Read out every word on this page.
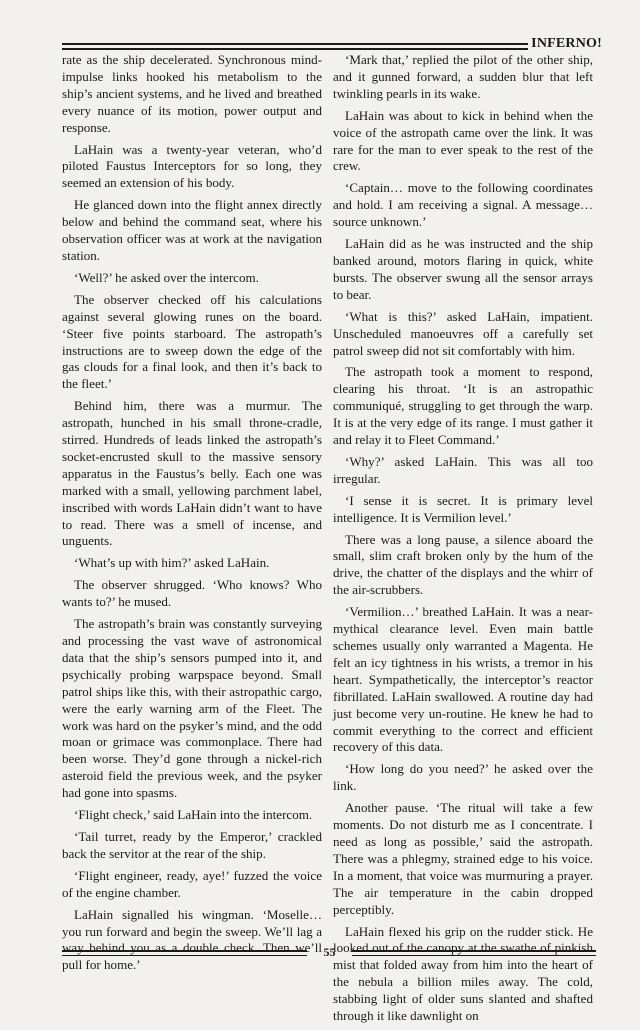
INFERNO!

rate as the ship decelerated. Synchronous mind-impulse links hooked his metabolism to the ship’s ancient systems, and he lived and breathed every nuance of its motion, power output and response.

LaHain was a twenty-year veteran, who’d piloted Faustus Interceptors for so long, they seemed an extension of his body.

He glanced down into the flight annex directly below and behind the command seat, where his observation officer was at work at the navigation station.

‘Well?’ he asked over the intercom.

The observer checked off his calculations against several glowing runes on the board. ‘Steer five points starboard. The astropath’s instructions are to sweep down the edge of the gas clouds for a final look, and then it’s back to the fleet.’

Behind him, there was a murmur. The astropath, hunched in his small throne-cradle, stirred. Hundreds of leads linked the astropath’s socket-encrusted skull to the massive sensory apparatus in the Faustus’s belly. Each one was marked with a small, yellowing parchment label, inscribed with words LaHain didn’t want to have to read. There was a smell of incense, and unguents.

‘What’s up with him?’ asked LaHain.

The observer shrugged. ‘Who knows? Who wants to?’ he mused.

The astropath’s brain was constantly surveying and processing the vast wave of astronomical data that the ship’s sensors pumped into it, and psychically probing warpspace beyond. Small patrol ships like this, with their astropathic cargo, were the early warning arm of the Fleet. The work was hard on the psyker’s mind, and the odd moan or grimace was commonplace. There had been worse. They’d gone through a nickel-rich asteroid field the previous week, and the psyker had gone into spasms.

‘Flight check,’ said LaHain into the intercom.

‘Tail turret, ready by the Emperor,’ crackled back the servitor at the rear of the ship.

‘Flight engineer, ready, aye!’ fuzzed the voice of the engine chamber.

LaHain signalled his wingman. ‘Moselle… you run forward and begin the sweep. We’ll lag a way behind you as a double check. Then we’ll pull for home.’

‘Mark that,’ replied the pilot of the other ship, and it gunned forward, a sudden blur that left twinkling pearls in its wake.

LaHain was about to kick in behind when the voice of the astropath came over the link. It was rare for the man to ever speak to the rest of the crew.

‘Captain… move to the following coordinates and hold. I am receiving a signal. A message… source unknown.’

LaHain did as he was instructed and the ship banked around, motors flaring in quick, white bursts. The observer swung all the sensor arrays to bear.

‘What is this?’ asked LaHain, impatient. Unscheduled manoeuvres off a carefully set patrol sweep did not sit comfortably with him.

The astropath took a moment to respond, clearing his throat. ‘It is an astropathic communiqué, struggling to get through the warp. It is at the very edge of its range. I must gather it and relay it to Fleet Command.’

‘Why?’ asked LaHain. This was all too irregular.

‘I sense it is secret. It is primary level intelligence. It is Vermilion level.’

There was a long pause, a silence aboard the small, slim craft broken only by the hum of the drive, the chatter of the displays and the whirr of the air-scrubbers.

‘Vermilion…’ breathed LaHain. It was a near-mythical clearance level. Even main battle schemes usually only warranted a Magenta. He felt an icy tightness in his wrists, a tremor in his heart. Sympathetically, the interceptor’s reactor fibrillated. LaHain swallowed. A routine day had just become very un-routine. He knew he had to commit everything to the correct and efficient recovery of this data.

‘How long do you need?’ he asked over the link.

Another pause. ‘The ritual will take a few moments. Do not disturb me as I concentrate. I need as long as possible,’ said the astropath. There was a phlegmy, strained edge to his voice. In a moment, that voice was murmuring a prayer. The air temperature in the cabin dropped perceptibly.

LaHain flexed his grip on the rudder stick. He looked out of the canopy at the swathe of pinkish mist that folded away from him into the heart of the nebula a billion miles away. The cold, stabbing light of older suns slanted and shafted through it like dawnlight on

55
